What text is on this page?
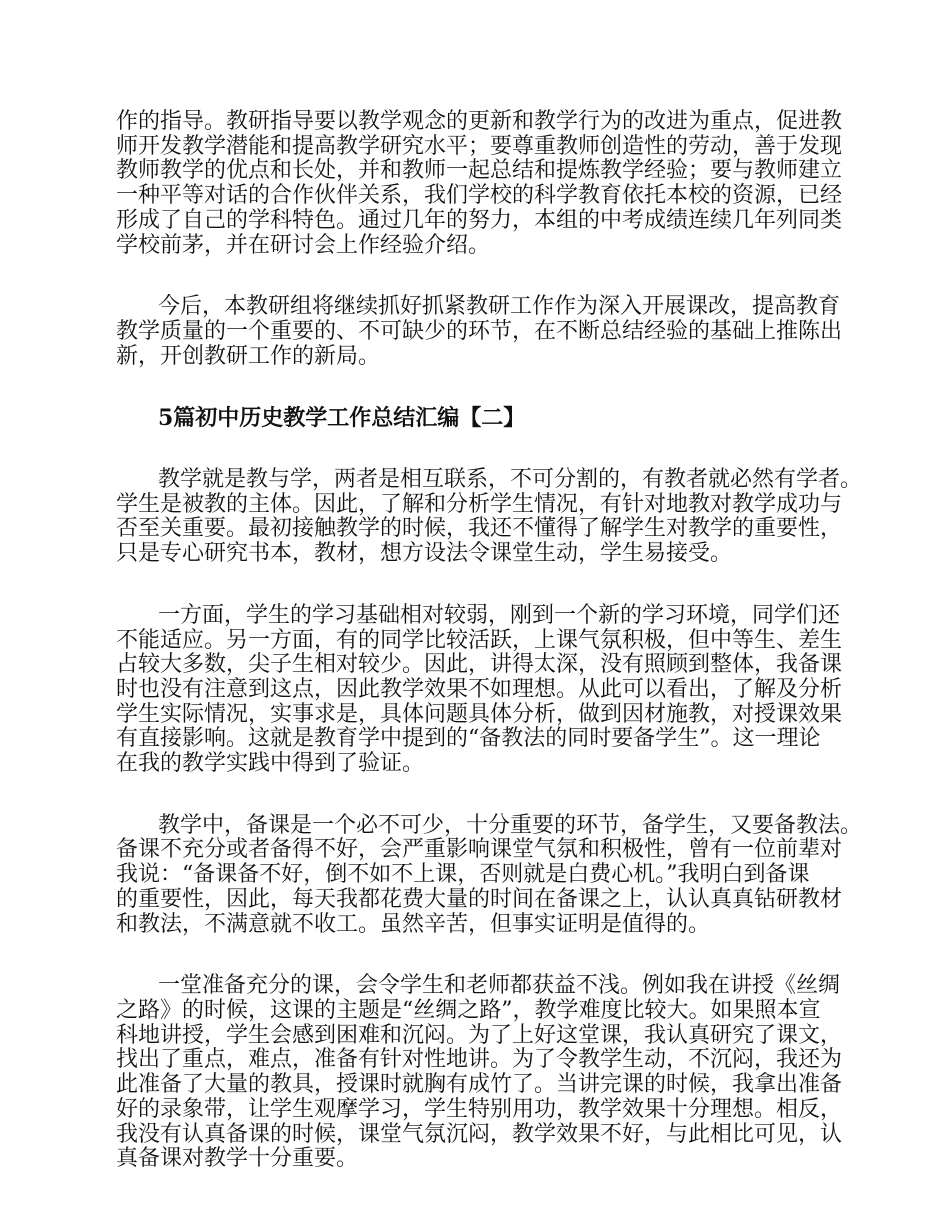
作的指导。教研指导要以教学观念的更新和教学行为的改进为重点，促进教
师开发教学潜能和提高教学研究水平；要尊重教师创造性的劳动，善于发现
教师教学的优点和长处，并和教师一起总结和提炼教学经验；要与教师建立
一种平等对话的合作伙伴关系，我们学校的科学教育依托本校的资源，已经
形成了自己的学科特色。通过几年的努力，本组的中考成绩连续几年列同类
学校前茅，并在研讨会上作经验介绍。

今后，本教研组将继续抓好抓紧教研工作作为深入开展课改，提高教育
教学质量的一个重要的、不可缺少的环节，在不断总结经验的基础上推陈出
新，开创教研工作的新局。

5篇初中历史教学工作总结汇编【二】

教学就是教与学，两者是相互联系，不可分割的，有教者就必然有学者。
学生是被教的主体。因此，了解和分析学生情况，有针对地教对教学成功与
否至关重要。最初接触教学的时候，我还不懂得了解学生对教学的重要性，
只是专心研究书本，教材，想方设法令课堂生动，学生易接受。

一方面，学生的学习基础相对较弱，刚到一个新的学习环境，同学们还
不能适应。另一方面，有的同学比较活跃，上课气氛积极，但中等生、差生
占较大多数，尖子生相对较少。因此，讲得太深，没有照顾到整体，我备课
时也没有注意到这点，因此教学效果不如理想。从此可以看出，了解及分析
学生实际情况，实事求是，具体问题具体分析，做到因材施教，对授课效果
有直接影响。这就是教育学中提到的“备教法的同时要备学生”。这一理论
在我的教学实践中得到了验证。

教学中，备课是一个必不可少，十分重要的环节，备学生，又要备教法。
备课不充分或者备得不好，会严重影响课堂气氛和积极性，曾有一位前辈对
我说：“备课备不好，倒不如不上课，否则就是白费心机。”我明白到备课
的重要性，因此，每天我都花费大量的时间在备课之上，认认真真钻研教材
和教法，不满意就不收工。虽然辛苦，但事实证明是值得的。

一堂准备充分的课，会令学生和老师都获益不浅。例如我在讲授《丝绸
之路》的时候，这课的主题是“丝绸之路”，教学难度比较大。如果照本宣
科地讲授，学生会感到困难和沉闷。为了上好这堂课，我认真研究了课文，
找出了重点，难点，准备有针对性地讲。为了令教学生动，不沉闷，我还为
此准备了大量的教具，授课时就胸有成竹了。当讲完课的时候，我拿出准备
好的录象带，让学生观摩学习，学生特别用功，教学效果十分理想。相反，
我没有认真备课的时候，课堂气氛沉闷，教学效果不好，与此相比可见，认
真备课对教学十分重要。
